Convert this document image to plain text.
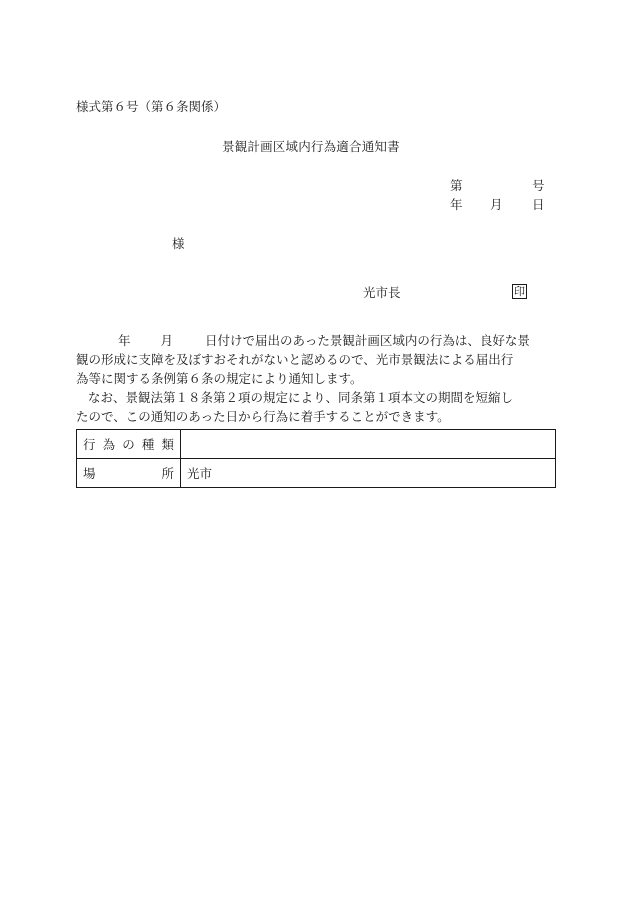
様式第６号（第６条関係）
景観計画区域内行為適合通知書
第	号
年 月 日
様
光市長	印

年 月	日付けで届出のあった景観計画区域内の行為は、良好な景

観の形成に支障を及ぼすおそれがないと認めるので、光市景観法による届出行

為等に関する条例第６条の規定により通知します。

なお、景観法第１８条第２項の規定により、同条第１項本文の期間を短縮し

たので、この通知のあった日から行為に着手することができます。

行 為 の 種 類	

場 所	光市
